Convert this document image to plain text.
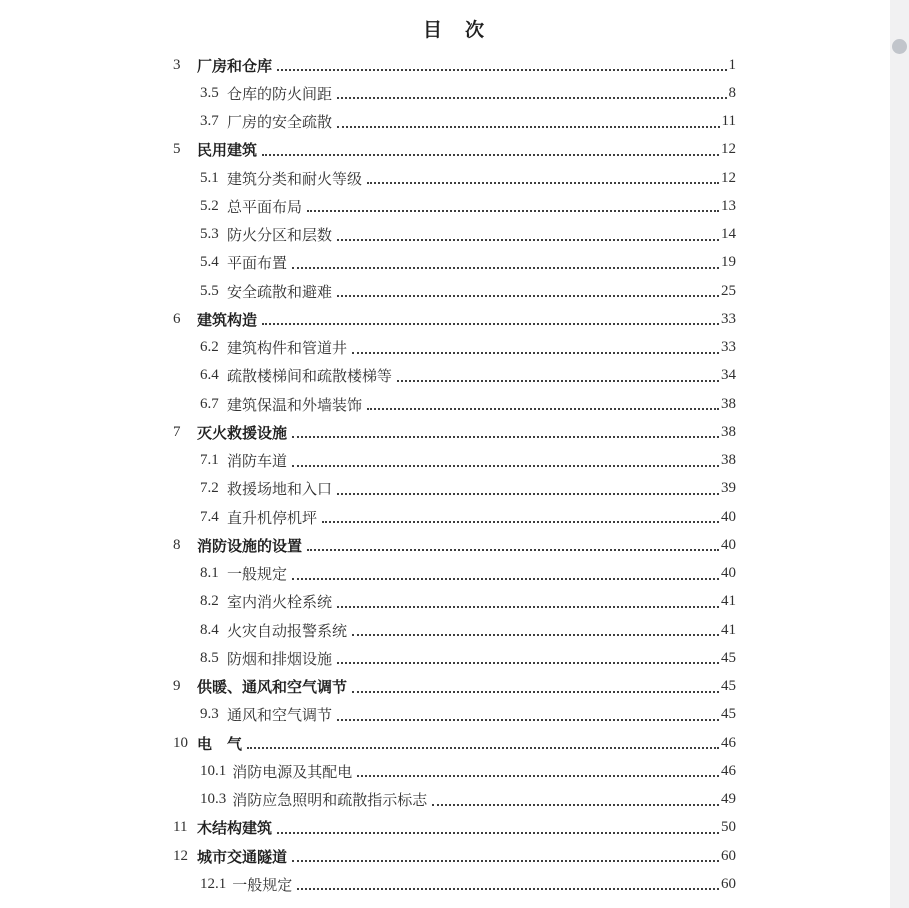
目　次
3	厂房和仓库	1
3.5 仓库的防火间距	8
3.7 厂房的安全疏散	11
5	民用建筑	12
5.1 建筑分类和耐火等级	12
5.2 总平面布局	13
5.3 防火分区和层数	14
5.4 平面布置	19
5.5 安全疏散和避难	25
6	建筑构造	33
6.2 建筑构件和管道井	33
6.4 疏散楼梯间和疏散楼梯等	34
6.7 建筑保温和外墙装饰	38
7	灭火救援设施	38
7.1 消防车道	38
7.2 救援场地和入口	39
7.4 直升机停机坪	40
8	消防设施的设置	40
8.1 一般规定	40
8.2 室内消火栓系统	41
8.4 火灾自动报警系统	41
8.5 防烟和排烟设施	45
9	供暖、通风和空气调节	45
9.3 通风和空气调节	45
10 电　气	46
10.1 消防电源及其配电	46
10.3 消防应急照明和疏散指示标志	49
11 木结构建筑	50
12 城市交通隧道	60
12.1 一般规定	60
